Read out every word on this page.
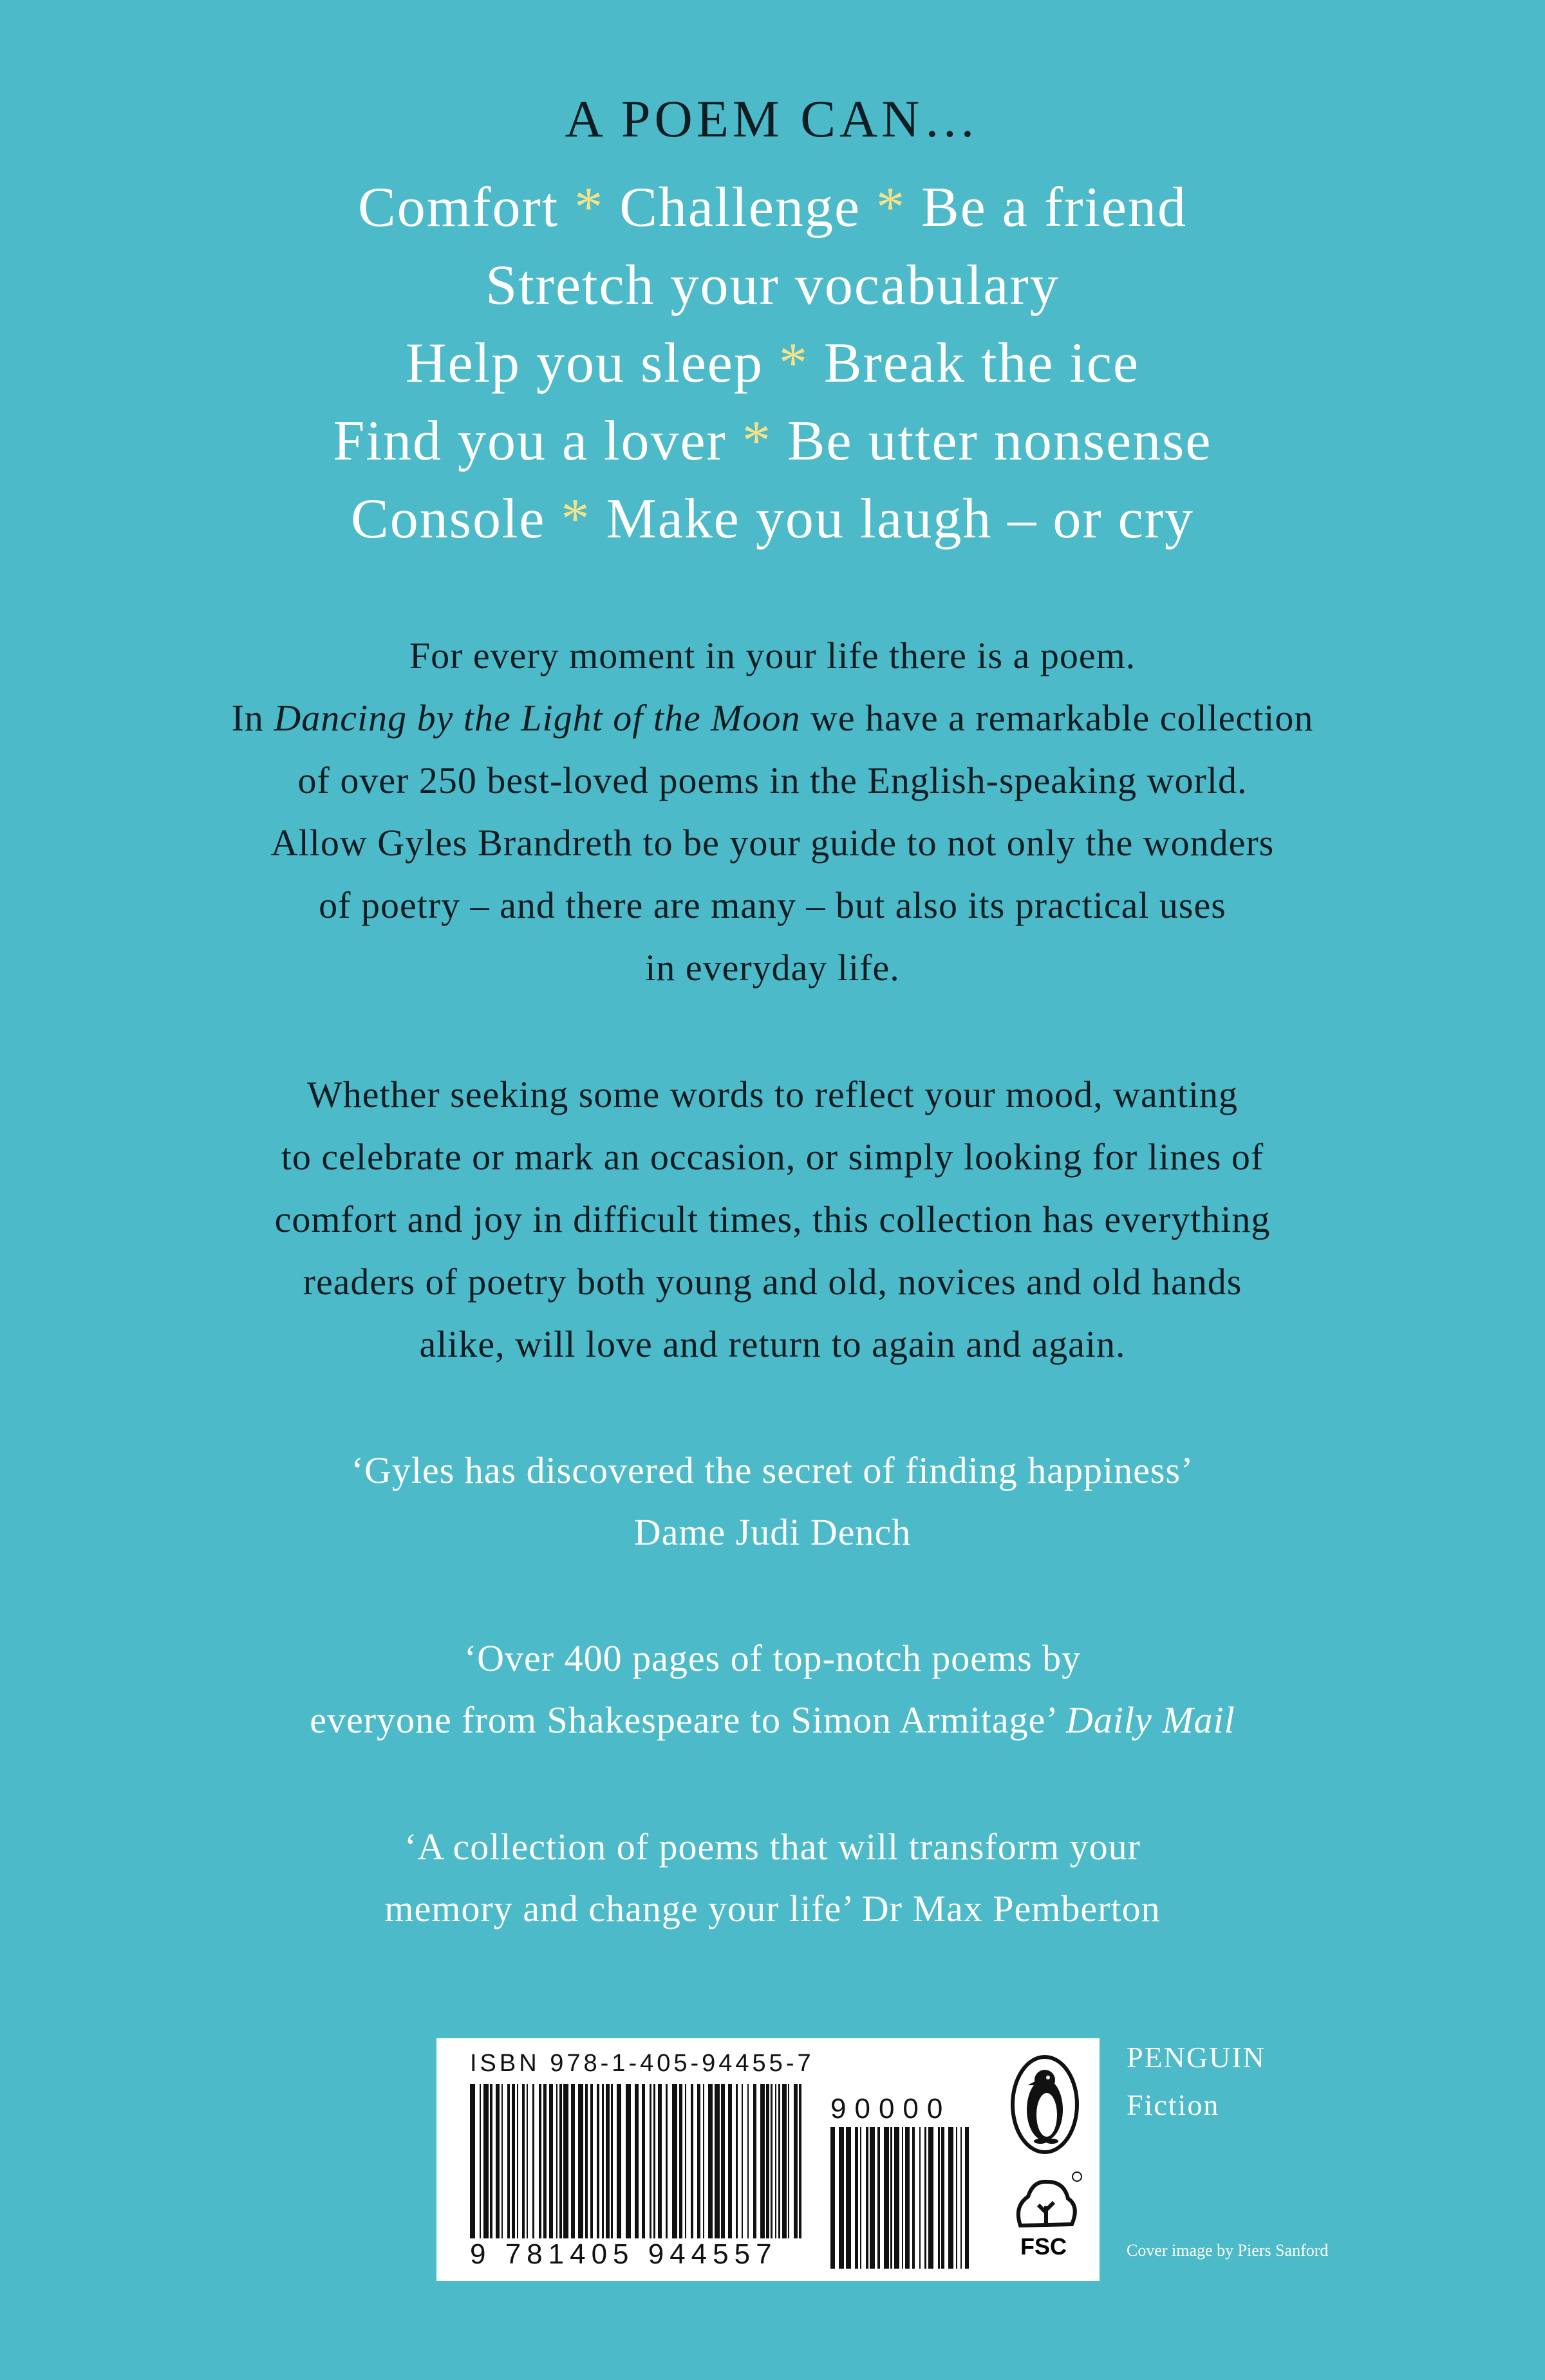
A POEM CAN…
Comfort * Challenge * Be a friend
Stretch your vocabulary
Help you sleep * Break the ice
Find you a lover * Be utter nonsense
Console * Make you laugh – or cry
For every moment in your life there is a poem.
In Dancing by the Light of the Moon we have a remarkable collection
of over 250 best-loved poems in the English-speaking world.
Allow Gyles Brandreth to be your guide to not only the wonders
of poetry – and there are many – but also its practical uses
in everyday life.
Whether seeking some words to reflect your mood, wanting
to celebrate or mark an occasion, or simply looking for lines of
comfort and joy in difficult times, this collection has everything
readers of poetry both young and old, novices and old hands
alike, will love and return to again and again.
‘Gyles has discovered the secret of finding happiness’
Dame Judi Dench
‘Over 400 pages of top-notch poems by
everyone from Shakespeare to Simon Armitage’ Daily Mail
‘A collection of poems that will transform your
memory and change your life’ Dr Max Pemberton
ISBN 978-1-405-94455-7
9 781405 944557
90000
FSC
PENGUIN
Fiction
Cover image by Piers Sanford
